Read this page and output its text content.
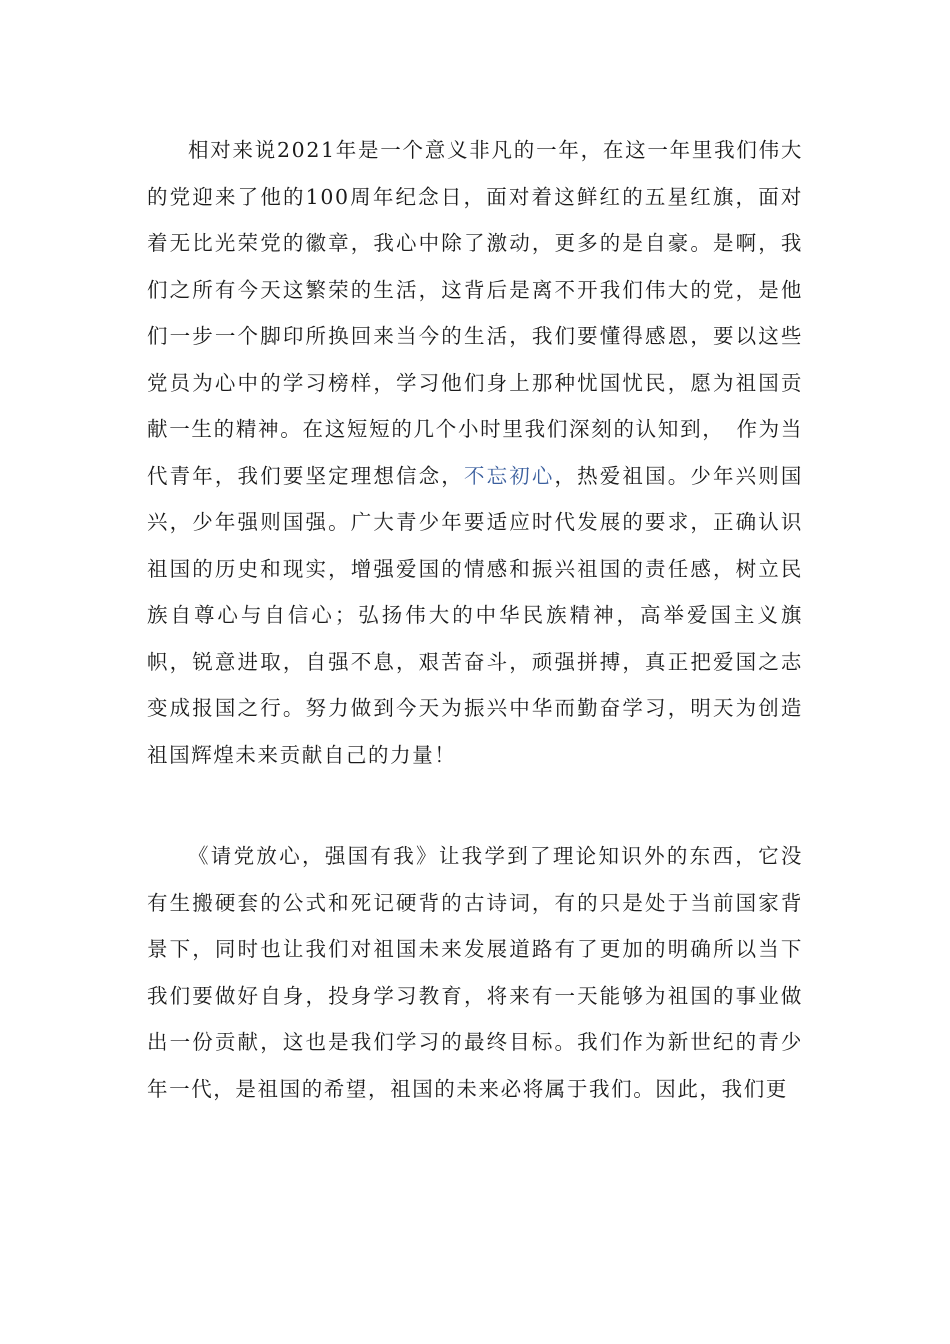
相对来说2021年是一个意义非凡的一年，在这一年里我们伟大的党迎来了他的100周年纪念日，面对着这鲜红的五星红旗，面对着无比光荣党的徽章，我心中除了激动，更多的是自豪。是啊，我们之所有今天这繁荣的生活，这背后是离不开我们伟大的党，是他们一步一个脚印所换回来当今的生活，我们要懂得感恩，要以这些党员为心中的学习榜样，学习他们身上那种忧国忧民，愿为祖国贡献一生的精神。在这短短的几个小时里我们深刻的认知到，　作为当代青年，我们要坚定理想信念，不忘初心，热爱祖国。少年兴则国兴，少年强则国强。广大青少年要适应时代发展的要求，正确认识祖国的历史和现实，增强爱国的情感和振兴祖国的责任感，树立民族自尊心与自信心；弘扬伟大的中华民族精神，高举爱国主义旗帜，锐意进取，自强不息，艰苦奋斗，顽强拼搏，真正把爱国之志变成报国之行。努力做到今天为振兴中华而勤奋学习，明天为创造祖国辉煌未来贡献自己的力量！

《请党放心，强国有我》让我学到了理论知识外的东西，它没有生搬硬套的公式和死记硬背的古诗词，有的只是处于当前国家背景下，同时也让我们对祖国未来发展道路有了更加的明确所以当下我们要做好自身，投身学习教育，将来有一天能够为祖国的事业做出一份贡献，这也是我们学习的最终目标。我们作为新世纪的青少年一代，是祖国的希望，祖国的未来必将属于我们。因此，我们更
